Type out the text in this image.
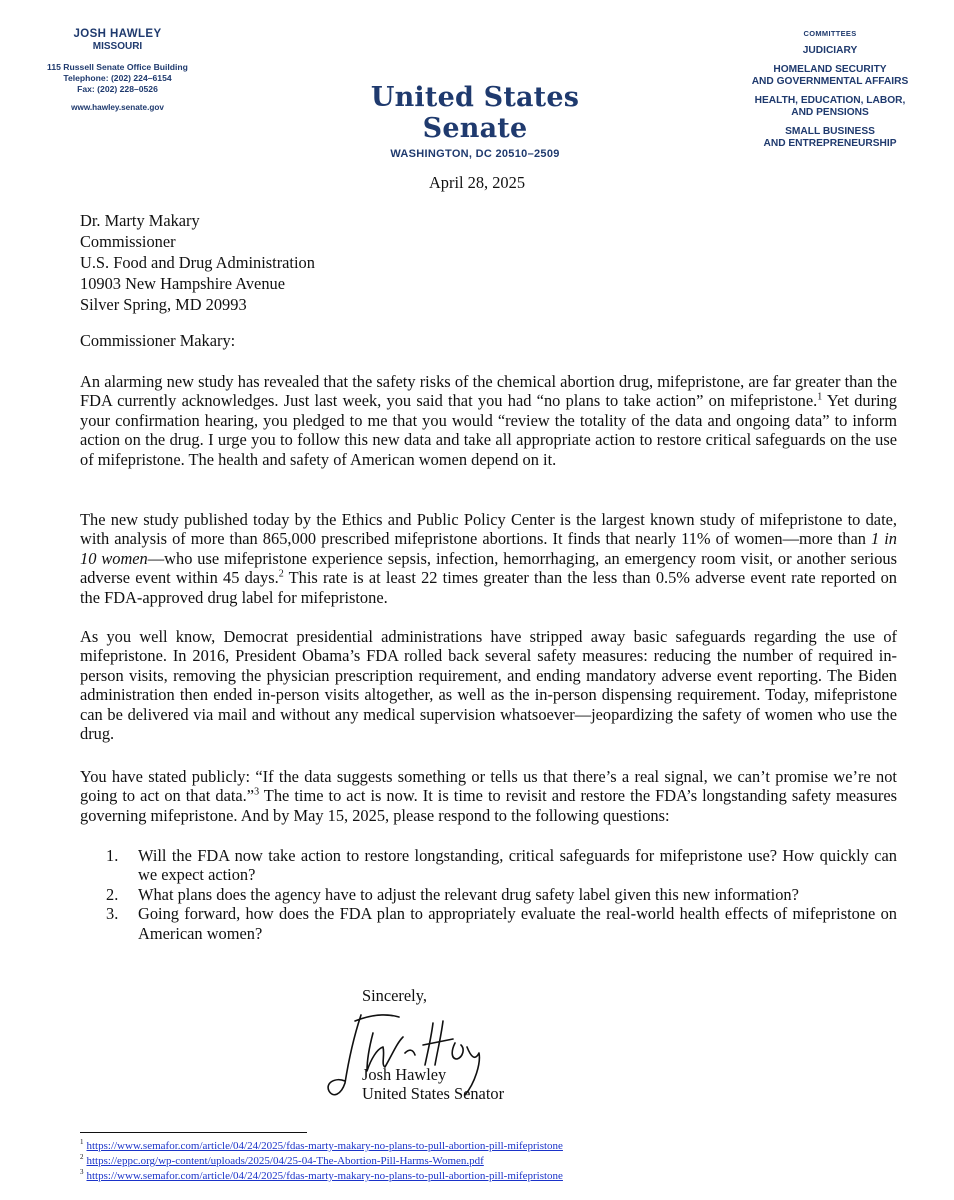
JOSH HAWLEY
MISSOURI
115 Russell Senate Office Building
Telephone: (202) 224–6154
Fax: (202) 228–0526
www.hawley.senate.gov	United States Senate
WASHINGTON, DC 20510–2509
COMMITTEES
JUDICIARY
HOMELAND SECURITY
AND GOVERNMENTAL AFFAIRS
HEALTH, EDUCATION, LABOR,
AND PENSIONS
SMALL BUSINESS
AND ENTREPRENEURSHIP
April 28, 2025
Dr. Marty Makary
Commissioner
U.S. Food and Drug Administration
10903 New Hampshire Avenue
Silver Spring, MD 20993
Commissioner Makary:

An alarming new study has revealed that the safety risks of the chemical abortion drug, mifepristone, are far greater than the FDA currently acknowledges. Just last week, you said that you had “no plans to take action” on mifepristone.$^1$ Yet during your confirmation hearing, you pledged to me that you would “review the totality of the data and ongoing data” to inform action on the drug. I urge you to follow this new data and take all appropriate action to restore critical safeguards on the use of mifepristone. The health and safety of American women depend on it.

The new study published today by the Ethics and Public Policy Center is the largest known study of mifepristone to date, with analysis of more than 865,000 prescribed mifepristone abortions. It finds that nearly 11% of women—more than 1 in 10 women—who use mifepristone experience sepsis, infection, hemorrhaging, an emergency room visit, or another serious adverse event within 45 days.$^2$ This rate is at least 22 times greater than the less than 0.5% adverse event rate reported on the FDA-approved drug label for mifepristone.

As you well know, Democrat presidential administrations have stripped away basic safeguards regarding the use of mifepristone. In 2016, President Obama’s FDA rolled back several safety measures: reducing the number of required in-person visits, removing the physician prescription requirement, and ending mandatory adverse event reporting. The Biden administration then ended in-person visits altogether, as well as the in-person dispensing requirement. Today, mifepristone can be delivered via mail and without any medical supervision whatsoever—jeopardizing the safety of women who use the drug.

You have stated publicly: “If the data suggests something or tells us that there’s a real signal, we can’t promise we’re not going to act on that data.”$^3$ The time to act is now. It is time to revisit and restore the FDA’s longstanding safety measures governing mifepristone. And by May 15, 2025, please respond to the following questions:

1.	Will the FDA now take action to restore longstanding, critical safeguards for mifepristone use? How quickly can we expect action?
2.	What plans does the agency have to adjust the relevant drug safety label given this new information?
3.	Going forward, how does the FDA plan to appropriately evaluate the real-world health effects of mifepristone on American women?
Sincerely,
Josh Hawley
United States Senator
$^1$ https://www.semafor.com/article/04/24/2025/fdas-marty-makary-no-plans-to-pull-abortion-pill-mifepristone
$^2$ https://eppc.org/wp-content/uploads/2025/04/25-04-The-Abortion-Pill-Harms-Women.pdf
$^3$ https://www.semafor.com/article/04/24/2025/fdas-marty-makary-no-plans-to-pull-abortion-pill-mifepristone
